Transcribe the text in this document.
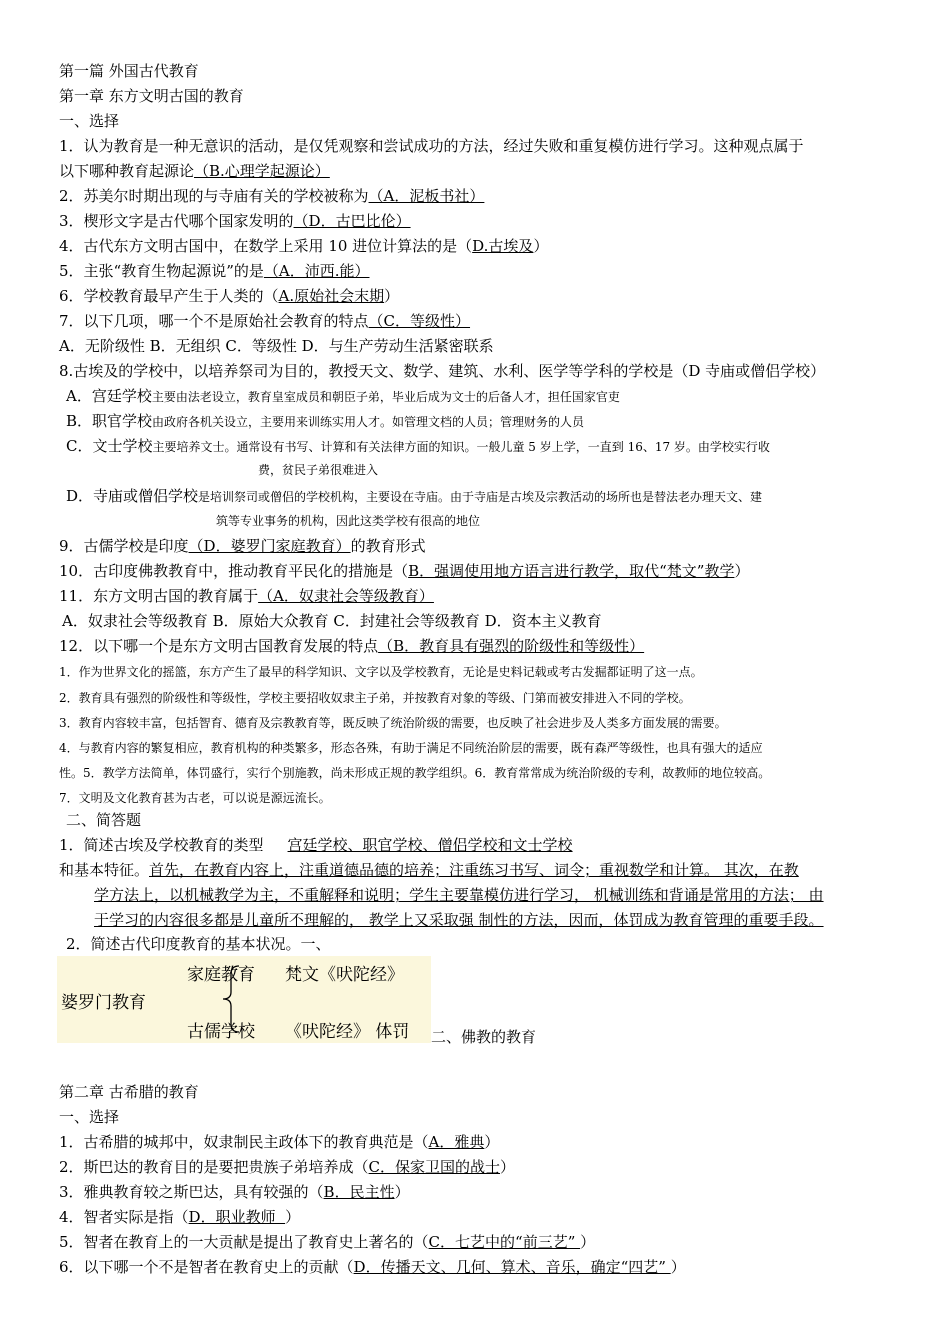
第一篇 外国古代教育
第一章 东方文明古国的教育
一、选择
1．认为教育是一种无意识的活动，是仅凭观察和尝试成功的方法，经过失败和重复模仿进行学习。这种观点属于
以下哪种教育起源论（B.心理学起源论）
2．苏美尔时期出现的与寺庙有关的学校被称为（A．泥板书社）
3．楔形文字是古代哪个国家发明的（D．古巴比伦）
4．古代东方文明古国中，在数学上采用 10 进位计算法的是（D.古埃及）
5．主张“教育生物起源说”的是（A．沛西.能）
6．学校教育最早产生于人类的（A.原始社会末期）
7．以下几项，哪一个不是原始社会教育的特点（C．等级性）
A．无阶级性 B．无组织 C．等级性 D．与生产劳动生活紧密联系
8.古埃及的学校中，以培养祭司为目的，教授天文、数学、建筑、水利、医学等学科的学校是（D 寺庙或僧侣学校）
A．宫廷学校主要由法老设立，教育皇室成员和朝臣子弟，毕业后成为文士的后备人才，担任国家官吏
B．职官学校由政府各机关设立，主要用来训练实用人才。如管理文档的人员；管理财务的人员
C．文士学校主要培养文士。通常设有书写、计算和有关法律方面的知识。一般儿童 5 岁上学，一直到 16、17 岁。由学校实行收
费，贫民子弟很难进入
D．寺庙或僧侣学校是培训祭司或僧侣的学校机构，主要设在寺庙。由于寺庙是古埃及宗教活动的场所也是替法老办理天文、建
筑等专业事务的机构，因此这类学校有很高的地位
9．古儒学校是印度（D．婆罗门家庭教育）的教育形式
10．古印度佛教教育中，推动教育平民化的措施是（B．强调使用地方语言进行教学，取代“梵文”教学）
11．东方文明古国的教育属于（A．奴隶社会等级教育）
A．奴隶社会等级教育 B．原始大众教育 C．封建社会等级教育 D．资本主义教育
12．以下哪一个是东方文明古国教育发展的特点（B．教育具有强烈的阶级性和等级性）
1．作为世界文化的摇篮，东方产生了最早的科学知识、文字以及学校教育，无论是史料记载或考古发掘都证明了这一点。
2．教育具有强烈的阶级性和等级性，学校主要招收奴隶主子弟，并按教育对象的等级、门第而被安排进入不同的学校。
3．教育内容较丰富，包括智育、德育及宗教教育等，既反映了统治阶级的需要，也反映了社会进步及人类多方面发展的需要。
4．与教育内容的繁复相应，教育机构的种类繁多，形态各殊，有助于满足不同统治阶层的需要，既有森严等级性，也具有强大的适应
性。5．教学方法简单，体罚盛行，实行个别施教，尚未形成正规的教学组织。6．教育常常成为统治阶级的专利，故教师的地位较高。
7．文明及文化教育甚为古老，可以说是源远流长。
二、简答题
1．简述古埃及学校教育的类型 宫廷学校、职官学校、僧侣学校和文士学校
和基本特征。首先，在教育内容上，注重道德品德的培养；注重练习书写、词令；重视数学和计算。 其次，在教
学方法上，以机械教学为主，不重解释和说明；学生主要靠模仿进行学习， 机械训练和背诵是常用的方法； 由
于学习的内容很多都是儿童所不理解的， 教学上又采取强 制性的方法，因而，体罚成为教育管理的重要手段。
2．简述古代印度教育的基本状况。一、
婆罗门教育
家庭教育 梵文《吠陀经》
古儒学校 《吠陀经》 体罚 二、佛教的教育
第二章 古希腊的教育
一、选择
1．古希腊的城邦中，奴隶制民主政体下的教育典范是（A．雅典）
2．斯巴达的教育目的是要把贵族子弟培养成（C．保家卫国的战士）
3．雅典教育较之斯巴达，具有较强的（B．民主性）
4．智者实际是指（D．职业教师  ）
5．智者在教育上的一大贡献是提出了教育史上著名的（C．七艺中的“前三艺” ）
6．以下哪一个不是智者在教育史上的贡献（D．传播天文、几何、算术、音乐，确定“四艺” ）
